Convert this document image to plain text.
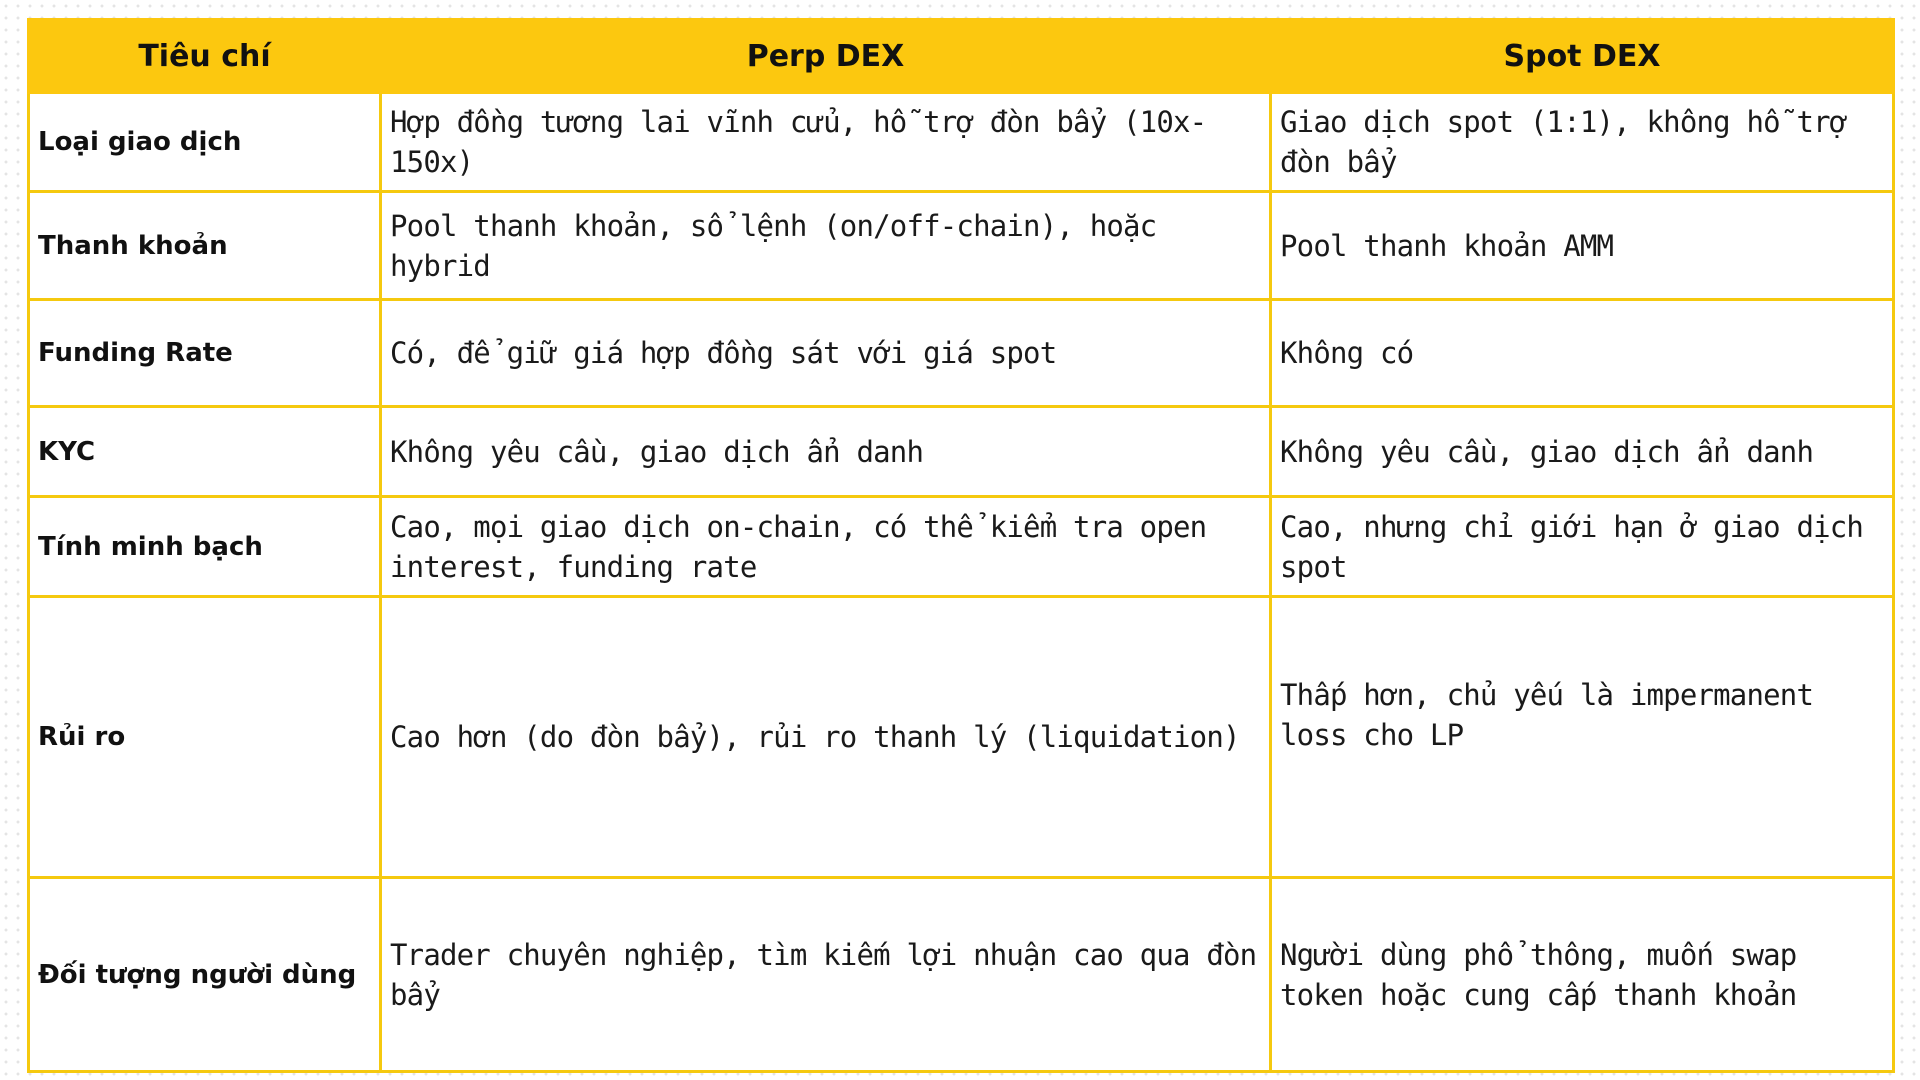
Tiêu chí	Perp DEX	Spot DEX
Loại giao dịch	Hợp đồng tương lai vĩnh cửu, hỗ trợ đòn bẩy (10x-150x)	Giao dịch spot (1:1), không hỗ trợ đòn bẩy
Thanh khoản	Pool thanh khoản, sổ lệnh (on/off-chain), hoặc hybrid	Pool thanh khoản AMM
Funding Rate	Có, để giữ giá hợp đồng sát với giá spot	Không có
KYC	Không yêu cầu, giao dịch ẩn danh	Không yêu cầu, giao dịch ẩn danh
Tính minh bạch	Cao, mọi giao dịch on-chain, có thể kiểm tra open interest, funding rate	Cao, nhưng chỉ giới hạn ở giao dịch spot
Rủi ro	Cao hơn (do đòn bẩy), rủi ro thanh lý (liquidation)	Thấp hơn, chủ yếu là impermanent loss cho LP

Đối tượng người dùng	Trader chuyên nghiệp, tìm kiếm lợi nhuận cao qua đòn bẩy	Người dùng phổ thông, muốn swap token hoặc cung cấp thanh khoản
